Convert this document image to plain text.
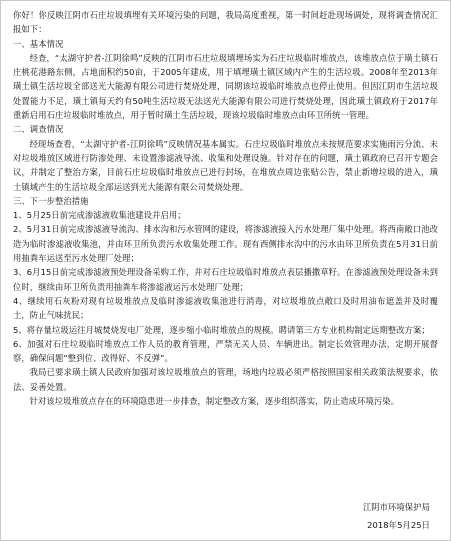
你好！你反映江阴市石庄垃圾填埋有关环境污染的问题，我局高度重视，第一时间赶赴现场调处，现将调查情况汇报如下：

一、基本情况

经查，“太湖守护者-江阴徐鸣”反映的江阴市石庄垃圾填埋场实为石庄垃圾临时堆放点，该堆放点位于璜土镇石庄桃花港路东侧，占地面积约50亩，于2005年建成，用于填埋璜土镇区域内产生的生活垃圾。2008年至2013年璜土镇生活垃圾全部送光大能源有限公司进行焚烧处理，同期该垃圾临时堆放点也停止使用。但因江阴市生活垃圾处置能力不足，璜土镇每天约有50吨生活垃圾无法送光大能源有限公司进行焚烧处理，因此璜土镇政府于2017年重新启用石庄垃圾临时堆放点，用于暂时璜土生活垃圾，现该垃圾临时堆放点由环卫所统一管理。

二、调查情况

经现场查看，“太湖守护者-江阴徐鸣”反映情况基本属实。石庄垃圾临时堆放点未按规范要求实施雨污分流、未对垃圾堆放区域进行防渗处理、未设置渗滤液导流、收集和处理设施。针对存在的问题，璜土镇政府已召开专题会议，并制定了整治方案，目前石庄垃圾临时堆放点已进行封场，在堆放点周边张贴公告，禁止新增垃圾的进入，璜土镇域产生的生活垃圾全部运送到光大能源有限公司焚烧处理。

三、下一步整治措施

1、5月25日前完成渗滤液收集池建设并启用；

2、5月31日前完成渗滤液导流沟、排水沟和污水管网的建设，将渗滤液接入污水处理厂集中处理。将西南敞口池改造为临时渗滤液收集池，并由环卫所负责污水收集处理工作。现有西侧排水沟中的污水由环卫所负责在5月31日前用抽粪车运送至污水处理厂处理；

3、6月15日前完成渗滤液预处理设备采购工作，并对石庄垃圾临时堆放点表层播撒草籽。在渗滤液预处理设备未到位时，继续由环卫所负责用抽粪车将渗滤液运污水处理厂处理；

4、继续用石灰粉对现有垃圾堆放点及临时渗滤液收集池进行消毒，对垃圾堆放点敞口及时用油布遮盖并及时覆土，防止气味扰民；

5、将存量垃圾运往月城焚烧发电厂处理，逐步缩小临时堆放点的规模。聘请第三方专业机构制定远期整改方案；

6、加强对石庄垃圾临时堆放点工作人员的教育管理，严禁无关人员、车辆进出。制定长效管理办法，定期开展督察，确保问题“整到位、改得好、不反弹”。

我局已要求璜土镇人民政府加强对该垃圾堆放点的管理，场地内垃圾必须严格按照国家相关政策法规要求，依法、妥善处置。

针对该垃圾堆放点存在的环境隐患进一步排查，制定整改方案，逐步组织落实，防止造成环境污染。

江阴市环境保护局
2018年5月25日
